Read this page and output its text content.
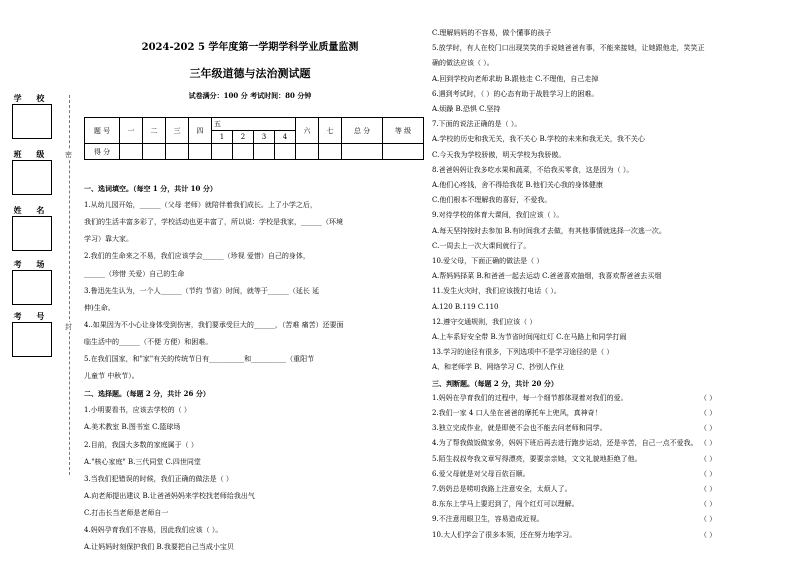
学 校
班 级
姓 名
考 场
考 号
密
封
2024-202 5 学年度第一学期学科学业质量监测
三年级道德与法治测试题
试卷满分：100 分 考试时间：80 分钟
题 号	一	二	三	四	五				六	七	总 分	等 级
					1	2	3	4				
得 分												
一、选词填空。（每空 1 分，共计 10 分）
1.从幼儿园开始，______（父母 老师）就陪伴着我们成长。上了小学之后，
我们的生活丰富多彩了，学校活动也更丰富了，所以说：学校是我家，______（环境
学习）靠大家。
2.我们的生命来之不易，我们应该学会______（珍视 爱惜）自己的身体，
______（珍惜 关爱）自己的生命
3.鲁迅先生认为，一个人______（节约 节省）时间，就等于______（延长 延
伸)生命。
4..如果因为不小心让身体受到伤害，我们要承受巨大的______，（苦难 痛苦）还要面
临生活中的______（不便 方便）和困难。
5.在我们国家，和"家"有关的传统节日有__________和__________（重阳节
儿童节 中秋节）。
二、选择题。（每题 2 分，共计 26 分）
1.小明要看书，应该去学校的（ ）
A.美术教室 B.图书室 C.篮球场
2.目前，我国大多数的家庭属于（ ）
A."核心家庭" B.三代同堂 C.四世同堂
3.当我们犯错误的时候，我们正确的做法是（ ）
A.向老师提出建议 B.让爸爸妈妈来学校找老师给我出气
C.打击长当老师是老师自一
4.妈妈孕育我们不容易，因此我们应该（ ）。
A.让妈妈时刻保护我们 B.我要把自己当成小宝贝
C.理解妈妈的不容易，做个懂事的孩子
5.放学时，有人在校门口出现笑笑的手说她爸爸有事，不能来接她，让她跟他走，笑笑正
确的做法应该（ ）。
A.回到学校向老师求助 B.跟他走 C.不理他，自己走掉
6.遇到考试时，（ ）的心态有助于战胜学习上的困难。
A.烦躁 B.恐惧 C.坚持
7.下面的说法正确的是（ ）。
A.学校的历史和我无关，我不关心 B.学校的未来和我无关，我不关心
C.今天我为学校骄傲，明天学校为我骄傲。
8.爸爸妈妈让我多吃水果和蔬菜，不给我买零食，这是因为（ ）。
A.他们心疼钱，舍不得给我花 B.他们关心我的身体健康
C.他们根本不理解我的喜好，不爱我。
9.对待学校的体育大课间，我们应该（ ）。
A.每天坚持按时去参加 B.有时间我才去做，有其他事情就选择一次逃一次。
C.一周去上一次大课间就行了。
10.爱父母，下面正确的做法是（ ）
A.帮妈妈择菜 B.和爸爸一起去运动 C.爸爸喜欢抽烟，我喜欢帮爸爸去买烟
11.发生火灾时，我们应该拨打电话（ ）。
A.120 B.119 C.110
12.遵守交通规则，我们应该（ ）
A.上车系好安全带 B.为节省时间闯红灯 C.在马路上和同学打闹
13.学习的途径有很多，下列选项中不是学习途径的是（ ）
A、和老师学 B、网络学习 C、抄别人作业
三、判断题。（每题 2 分，共计 20 分）
1.妈妈在孕育我们的过程中，每一个细节都体现着对我们的爱。	（ ）
2.我们一家 4 口人坐在爸爸的摩托车上兜风，真神奇！	（ ）
3.独立完成作业，就是即使不会也不能去问老师和同学。	（ ）
4.为了帮我做饭做家务，妈妈下班后再去进行跑步运动，还是辛苦，自己一点不爱我。 （ ）
5.陌生叔叔夸我文章写得漂亮，要要亲亲她，文文礼貌地拒绝了他。	（ ）
6.爱父母就是对父母百依百顺。	（ ）
7.奶奶总是唠叨我路上注意安全，太烦人了。	（ ）
8.东东上学马上要迟到了，闯个红灯可以理解。	（ ）
9.不注意用眼卫生，容易造成近视。	（ ）
10.大人们学会了很多本领，还在努力地学习。	（ ）
